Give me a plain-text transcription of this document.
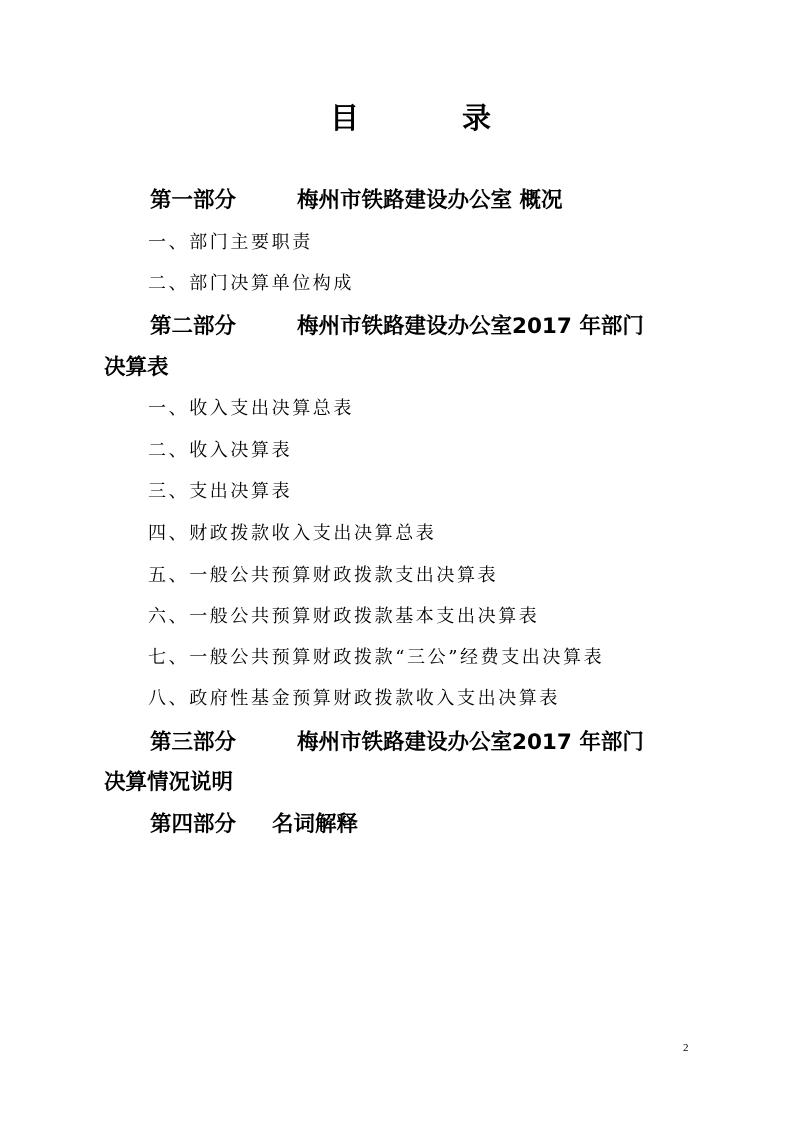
目	录
第一部分	梅州市铁路建设办公室 概况
一、部门主要职责
二、部门决算单位构成
第二部分	梅州市铁路建设办公室2017 年部门
决算表
一、收入支出决算总表
二、收入决算表
三、支出决算表
四、财政拨款收入支出决算总表
五、一般公共预算财政拨款支出决算表
六、一般公共预算财政拨款基本支出决算表
七、一般公共预算财政拨款“三公”经费支出决算表
八、政府性基金预算财政拨款收入支出决算表
第三部分	梅州市铁路建设办公室2017 年部门
决算情况说明
第四部分 名词解释
2
